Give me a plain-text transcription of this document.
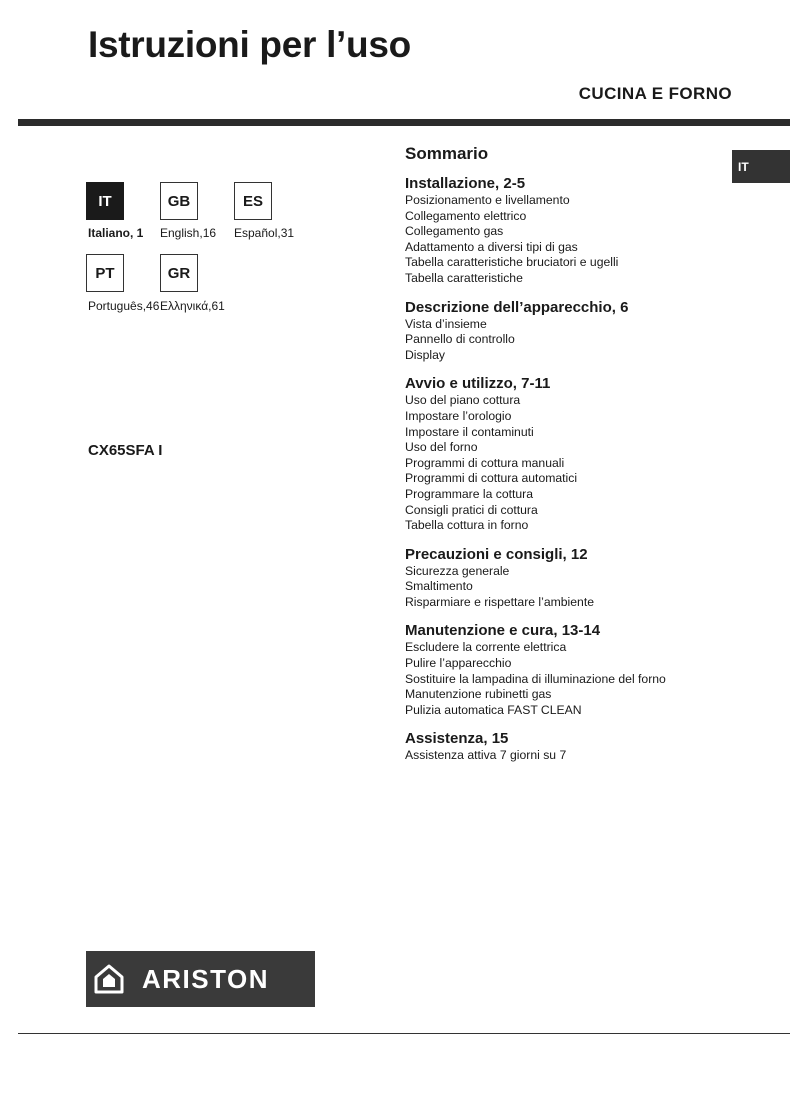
Istruzioni per l’uso
CUCINA E FORNO
IT	GB	ES
Italiano, 1 English,16 Español,31
PT	GR
Português,46 Ελληνικά,61
CX65SFA I
Sommario
Installazione, 2-5
Posizionamento e livellamento
Collegamento elettrico
Collegamento gas
Adattamento a diversi tipi di gas
Tabella caratteristiche bruciatori e ugelli
Tabella caratteristiche
Descrizione dell’apparecchio, 6
Vista d’insieme
Pannello di controllo
Display
Avvio e utilizzo, 7-11
Uso del piano cottura
Impostare l’orologio
Impostare il contaminuti
Uso del forno
Programmi di cottura manuali
Programmi di cottura automatici
Programmare la cottura
Consigli pratici di cottura
Tabella cottura in forno
Precauzioni e consigli, 12
Sicurezza generale
Smaltimento
Risparmiare e rispettare l’ambiente
Manutenzione e cura, 13-14
Escludere la corrente elettrica
Pulire l’apparecchio
Sostituire la lampadina di illuminazione del forno
Manutenzione rubinetti gas
Pulizia automatica FAST CLEAN
Assistenza, 15
Assistenza attiva 7 giorni su 7
IT
ARISTON
